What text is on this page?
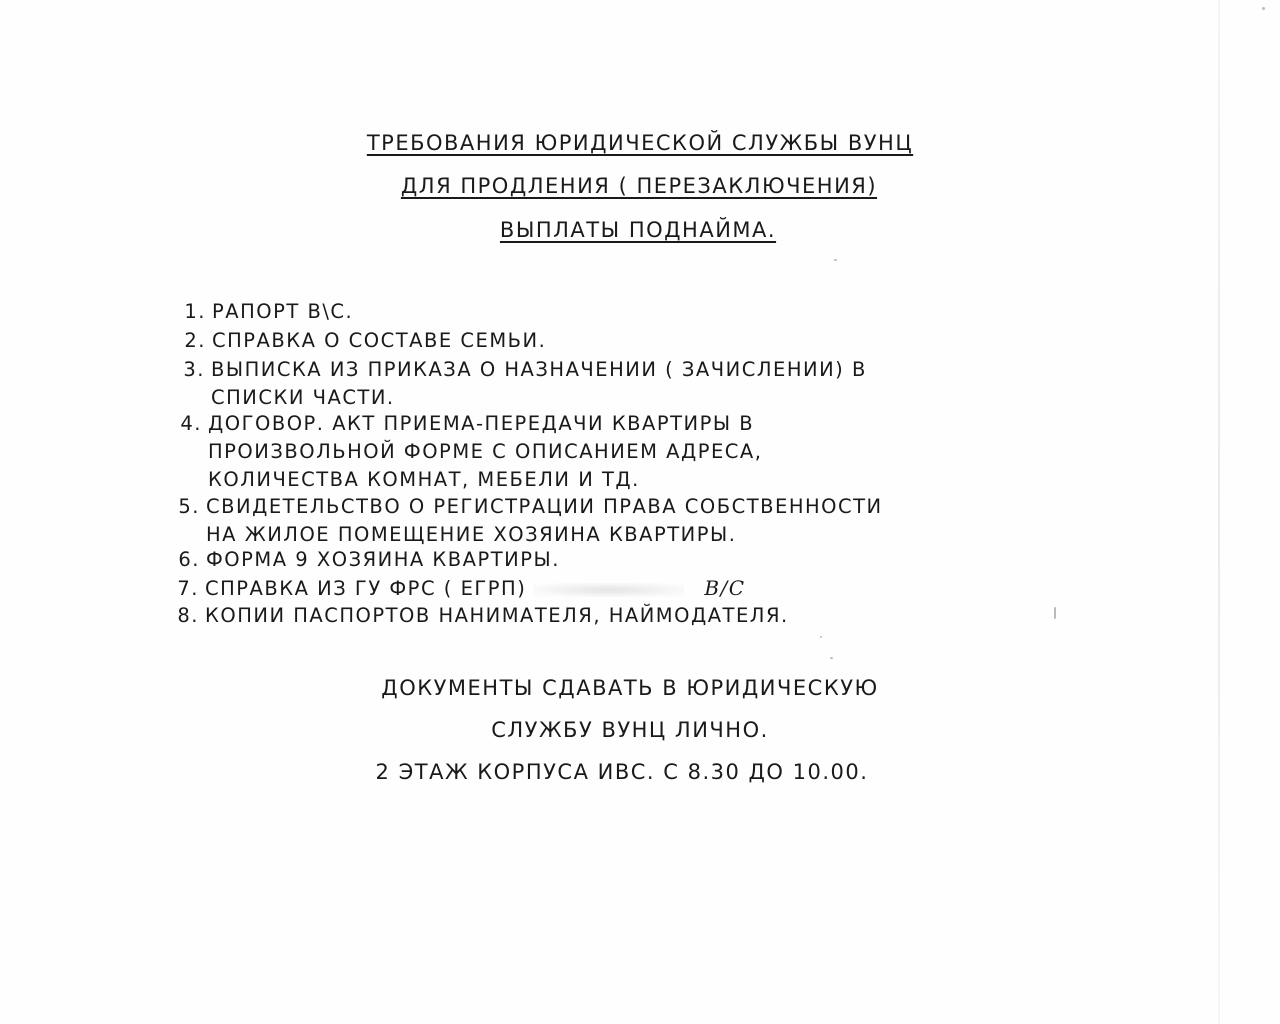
ТРЕБОВАНИЯ ЮРИДИЧЕСКОЙ СЛУЖБЫ ВУНЦ
ДЛЯ ПРОДЛЕНИЯ ( ПЕРЕЗАКЛЮЧЕНИЯ)
ВЫПЛАТЫ ПОДНАЙМА.
1. РАПОРТ В\С.
2. СПРАВКА О СОСТАВЕ СЕМЬИ.
3. ВЫПИСКА ИЗ ПРИКАЗА О НАЗНАЧЕНИИ ( ЗАЧИСЛЕНИИ) В
СПИСКИ ЧАСТИ.
4. ДОГОВОР. АКТ ПРИЕМА-ПЕРЕДАЧИ КВАРТИРЫ В
ПРОИЗВОЛЬНОЙ ФОРМЕ С ОПИСАНИЕМ АДРЕСА,
КОЛИЧЕСТВА КОМНАТ, МЕБЕЛИ И ТД.
5. СВИДЕТЕЛЬСТВО О РЕГИСТРАЦИИ ПРАВА СОБСТВЕННОСТИ
НА ЖИЛОЕ ПОМЕЩЕНИЕ ХОЗЯИНА КВАРТИРЫ.
6. ФОРМА 9 ХОЗЯИНА КВАРТИРЫ.
7. СПРАВКА ИЗ ГУ ФРС ( ЕГРП)	В/С
8. КОПИИ ПАСПОРТОВ НАНИМАТЕЛЯ, НАЙМОДАТЕЛЯ.
ДОКУМЕНТЫ СДАВАТЬ В ЮРИДИЧЕСКУЮ
СЛУЖБУ ВУНЦ ЛИЧНО.
2 ЭТАЖ КОРПУСА ИВС. С 8.30 ДО 10.00.
